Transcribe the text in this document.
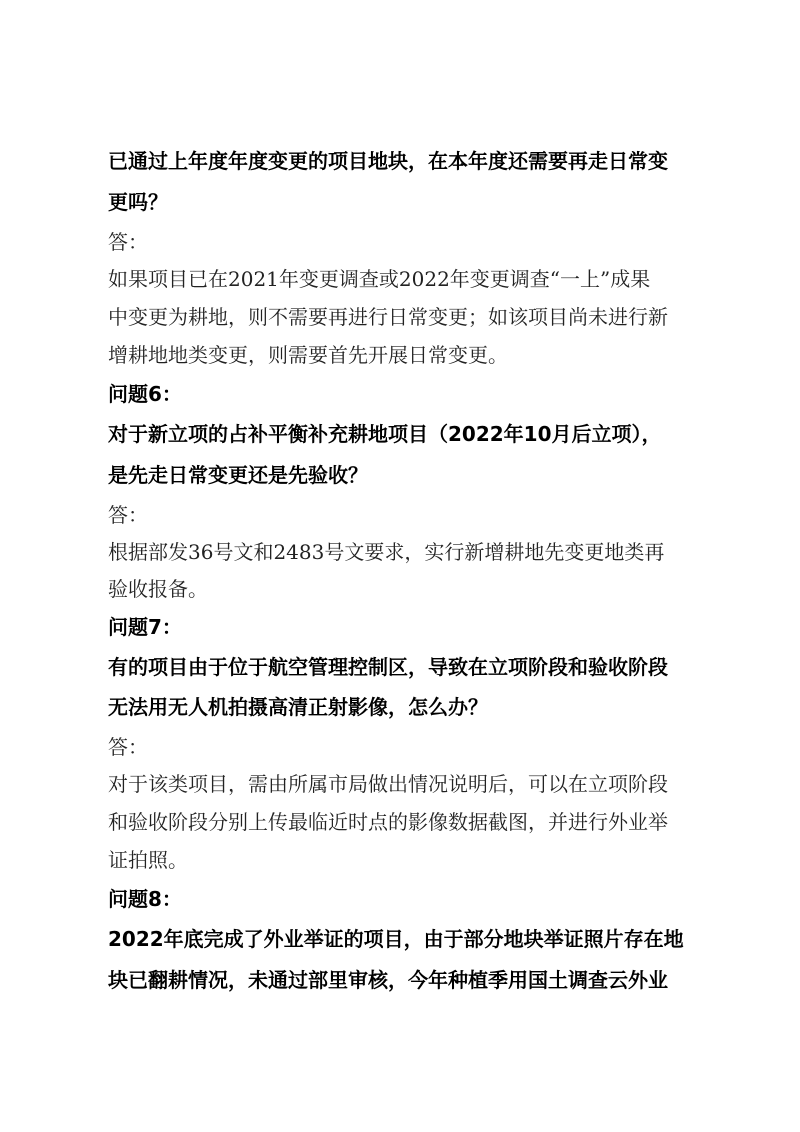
已通过上年度年度变更的项目地块，在本年度还需要再走日常变
更吗？
答：
如果项目已在2021年变更调查或2022年变更调查“一上”成果
中变更为耕地，则不需要再进行日常变更；如该项目尚未进行新
增耕地地类变更，则需要首先开展日常变更。
问题6：
对于新立项的占补平衡补充耕地项目（2022年10月后立项），
是先走日常变更还是先验收？
答：
根据部发36号文和2483号文要求，实行新增耕地先变更地类再
验收报备。
问题7：
有的项目由于位于航空管理控制区，导致在立项阶段和验收阶段
无法用无人机拍摄高清正射影像，怎么办？
答：
对于该类项目，需由所属市局做出情况说明后，可以在立项阶段
和验收阶段分别上传最临近时点的影像数据截图，并进行外业举
证拍照。
问题8：
2022年底完成了外业举证的项目，由于部分地块举证照片存在地
块已翻耕情况，未通过部里审核，今年种植季用国土调查云外业
